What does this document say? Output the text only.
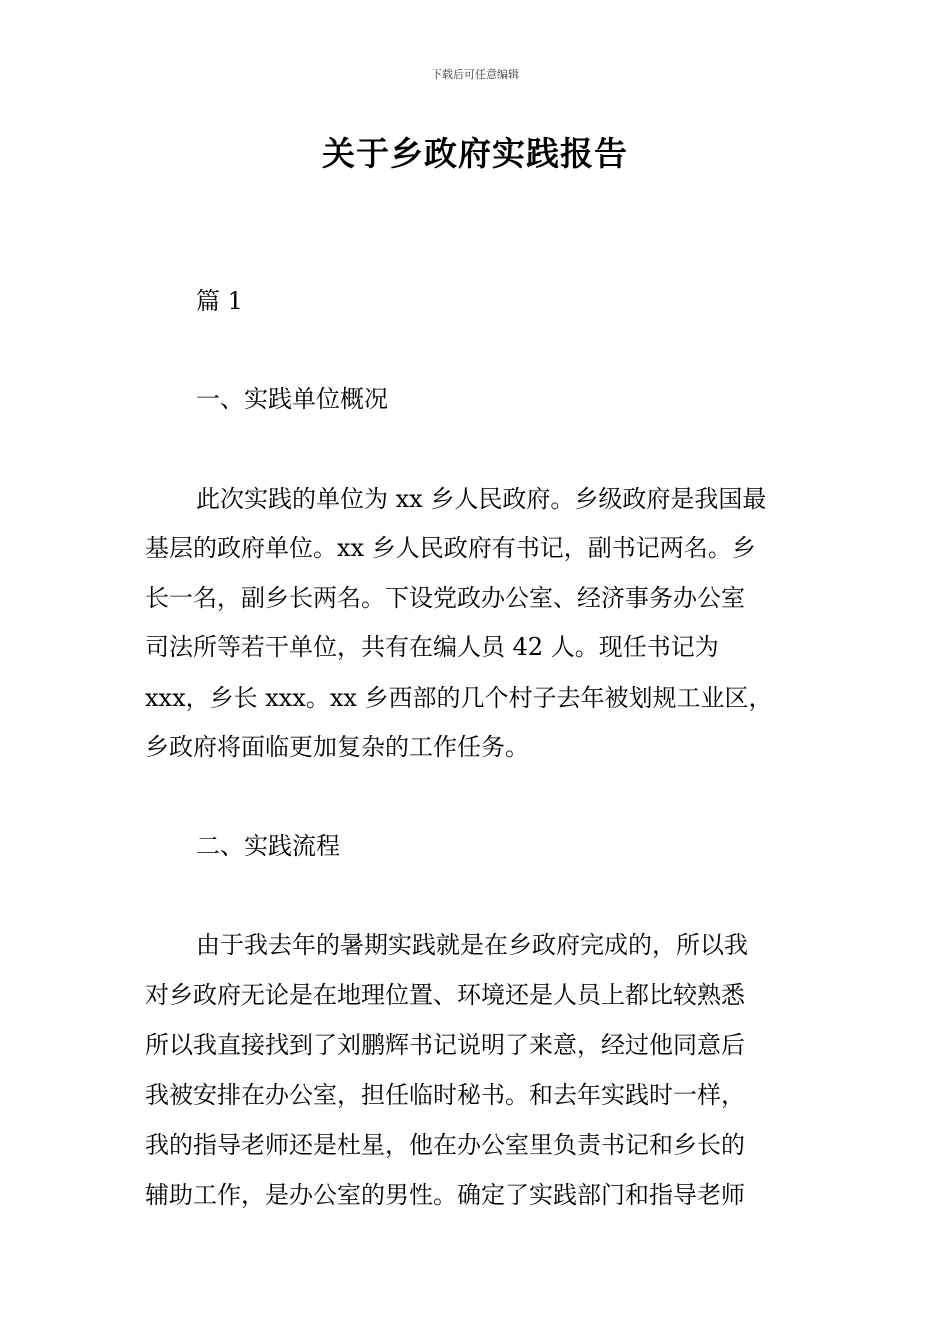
下载后可任意编辑
关于乡政府实践报告
篇 1
一、实践单位概况
此次实践的单位为 xx 乡人民政府。乡级政府是我国最
基层的政府单位。xx 乡人民政府有书记，副书记两名。乡
长一名，副乡长两名。下设党政办公室、经济事务办公室
司法所等若干单位，共有在编人员 42 人。现任书记为
xxx，乡长 xxx。xx 乡西部的几个村子去年被划规工业区，
乡政府将面临更加复杂的工作任务。
二、实践流程
由于我去年的暑期实践就是在乡政府完成的，所以我
对乡政府无论是在地理位置、环境还是人员上都比较熟悉
所以我直接找到了刘鹏辉书记说明了来意，经过他同意后
我被安排在办公室，担任临时秘书。和去年实践时一样，
我的指导老师还是杜星，他在办公室里负责书记和乡长的
辅助工作，是办公室的男性。确定了实践部门和指导老师
